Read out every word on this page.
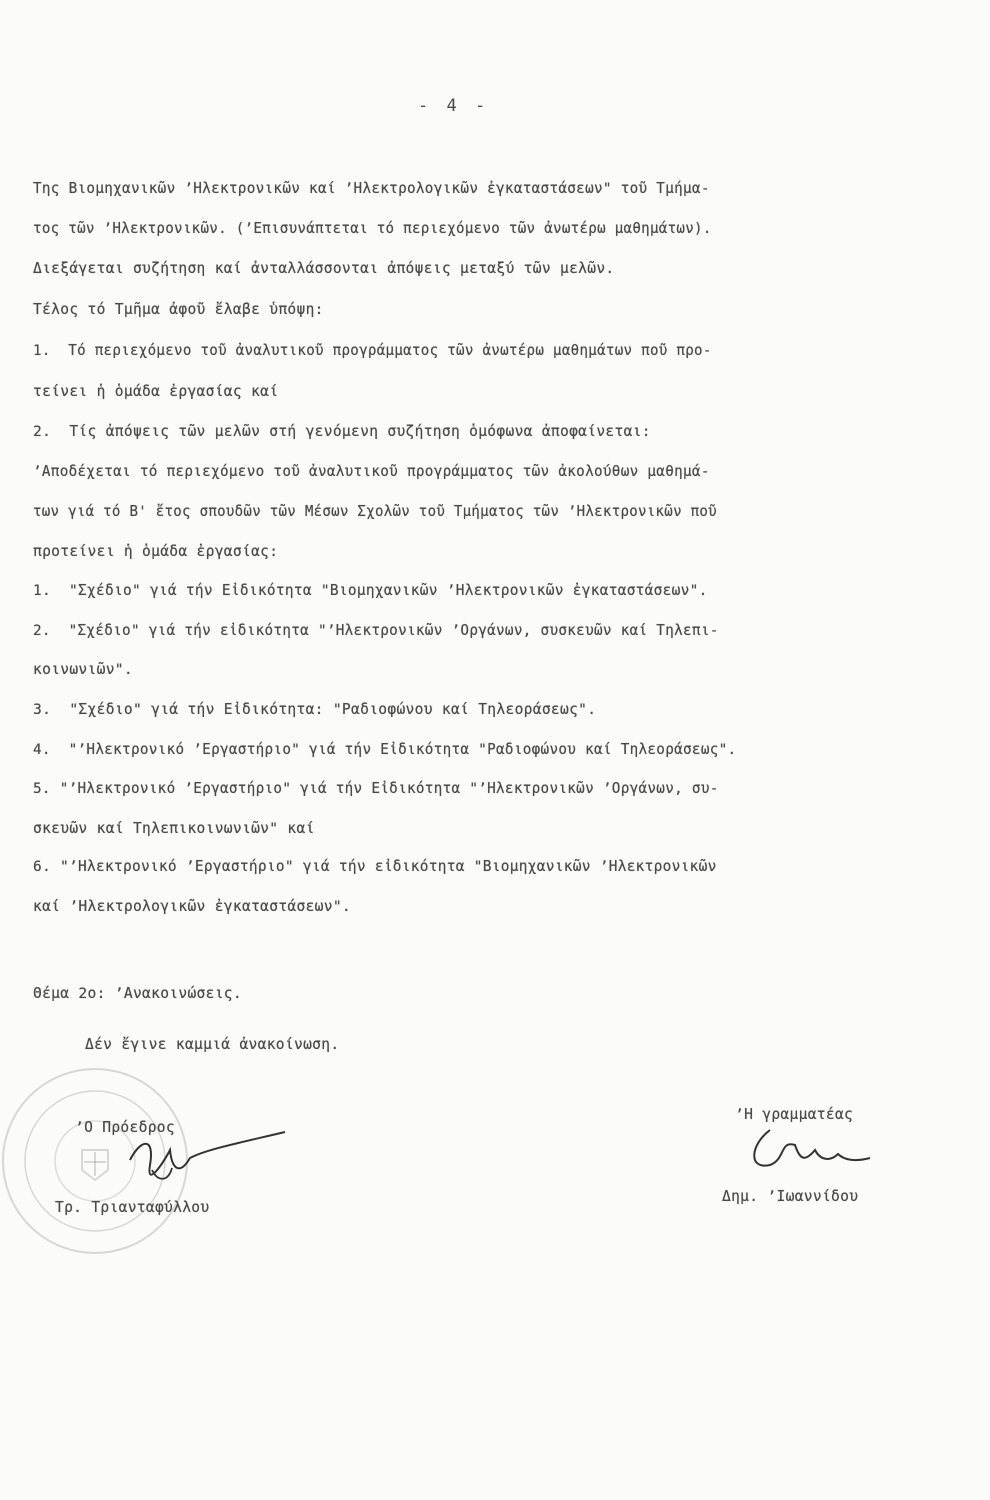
- 4 -
Της Βιομηχανικῶν ʼΗλεκτρονικῶν καί ʼΗλεκτρολογικῶν ἐγκαταστάσεων" τοῦ Τμήμα-
τος τῶν ʼΗλεκτρονικῶν. (ʼΕπισυνάπτεται τό περιεχόμενο τῶν ἀνωτέρω μαθημάτων).
Διεξάγεται συζήτηση καί ἀνταλλάσσονται ἀπόψεις μεταξύ τῶν μελῶν.
Τέλος τό Τμῆμα ἀφοῦ ἔλαβε ὑπόψη:
1.  Τό περιεχόμενο τοῦ ἀναλυτικοῦ προγράμματος τῶν ἀνωτέρω μαθημάτων ποῦ προ-
τείνει ἡ ὁμάδα ἐργασίας καί
2.  Τίς ἀπόψεις τῶν μελῶν στή γενόμενη συζήτηση ὁμόφωνα ἀποφαίνεται:
ʼΑποδέχεται τό περιεχόμενο τοῦ ἀναλυτικοῦ προγράμματος τῶν ἀκολούθων μαθημά-
των γιά τό Β' ἔτος σπουδῶν τῶν Μέσων Σχολῶν τοῦ Τμήματος τῶν ʼΗλεκτρονικῶν ποῦ
προτείνει ἡ ὁμάδα ἐργασίας:
1.  "Σχέδιο" γιά τήν Εἰδικότητα "Βιομηχανικῶν ʼΗλεκτρονικῶν ἐγκαταστάσεων".
2.  "Σχέδιο" γιά τήν εἰδικότητα "ʼΗλεκτρονικῶν ʼΟργάνων, συσκευῶν καί Τηλεπι-
κοινωνιῶν".
3.  "Σχέδιο" γιά τήν Εἰδικότητα: "Ραδιοφώνου καί Τηλεοράσεως".
4.  "ʼΗλεκτρονικό ʼΕργαστήριο" γιά τήν Εἰδικότητα "Ραδιοφώνου καί Τηλεοράσεως".
5. "ʼΗλεκτρονικό ʼΕργαστήριο" γιά τήν Εἰδικότητα "ʼΗλεκτρονικῶν ʼΟργάνων, συ-
σκευῶν καί Τηλεπικοινωνιῶν" καί
6. "ʼΗλεκτρονικό ʼΕργαστήριο" γιά τήν εἰδικότητα "Βιομηχανικῶν ʼΗλεκτρονικῶν
καί ʼΗλεκτρολογικῶν ἐγκαταστάσεων".
Θέμα 2ο: ʼΑνακοινώσεις.
Δέν ἔγινε καμμιά ἀνακοίνωση.
ʼΟ Πρόεδρος
Τρ. Τριανταφύλλου
ʼΗ γραμματέας
Δημ. ʼΙωαννίδου
